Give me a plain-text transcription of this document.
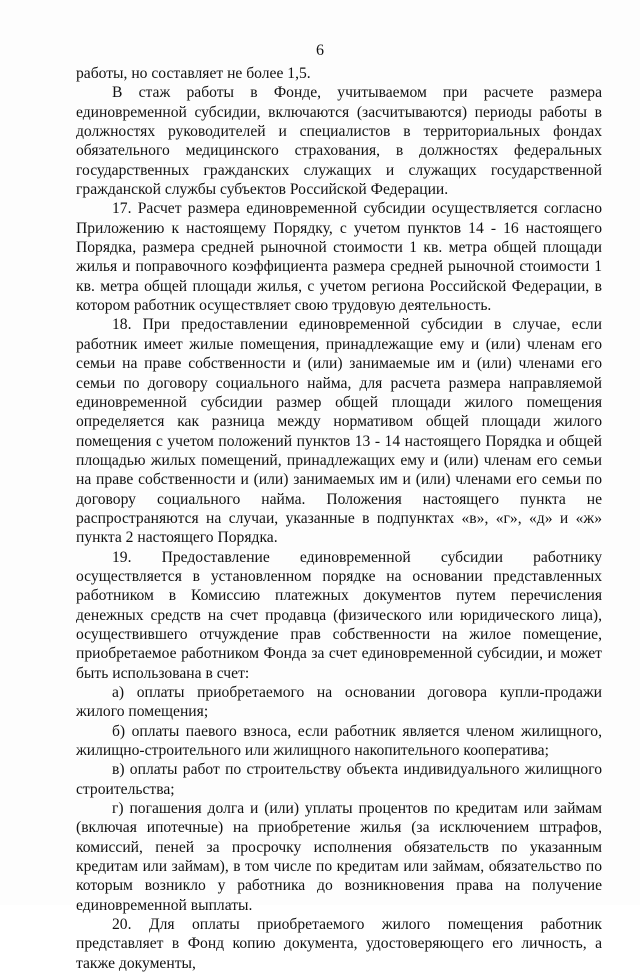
6

работы, но составляет не более 1,5.

В стаж работы в Фонде, учитываемом при расчете размера единовременной субсидии, включаются (засчитываются) периоды работы в должностях руководителей и специалистов в территориальных фондах обязательного медицинского страхования, в должностях федеральных государственных гражданских служащих и служащих государственной гражданской службы субъектов Российской Федерации.

17. Расчет размера единовременной субсидии осуществляется согласно Приложению к настоящему Порядку, с учетом пунктов 14 - 16 настоящего Порядка, размера средней рыночной стоимости 1 кв. метра общей площади жилья и поправочного коэффициента размера средней рыночной стоимости 1 кв. метра общей площади жилья, с учетом региона Российской Федерации, в котором работник осуществляет свою трудовую деятельность.

18. При предоставлении единовременной субсидии в случае, если работник имеет жилые помещения, принадлежащие ему и (или) членам его семьи на праве собственности и (или) занимаемые им и (или) членами его семьи по договору социального найма, для расчета размера направляемой единовременной субсидии размер общей площади жилого помещения определяется как разница между нормативом общей площади жилого помещения с учетом положений пунктов 13 - 14 настоящего Порядка и общей площадью жилых помещений, принадлежащих ему и (или) членам его семьи на праве собственности и (или) занимаемых им и (или) членами его семьи по договору социального найма. Положения настоящего пункта не распространяются на случаи, указанные в подпунктах «в», «г», «д» и «ж» пункта 2 настоящего Порядка.

19. Предоставление единовременной субсидии работнику осуществляется в установленном порядке на основании представленных работником в Комиссию платежных документов путем перечисления денежных средств на счет продавца (физического или юридического лица), осуществившего отчуждение прав собственности на жилое помещение, приобретаемое работником Фонда за счет единовременной субсидии, и может быть использована в счет:

а) оплаты приобретаемого на основании договора купли-продажи жилого помещения;

б) оплаты паевого взноса, если работник является членом жилищного, жилищно-строительного или жилищного накопительного кооператива;

в) оплаты работ по строительству объекта индивидуального жилищного строительства;

г) погашения долга и (или) уплаты процентов по кредитам или займам (включая ипотечные) на приобретение жилья (за исключением штрафов, комиссий, пеней за просрочку исполнения обязательств по указанным кредитам или займам), в том числе по кредитам или займам, обязательство по которым возникло у работника до возникновения права на получение единовременной выплаты.

20. Для оплаты приобретаемого жилого помещения работник представляет в Фонд копию документа, удостоверяющего его личность, а также документы,
